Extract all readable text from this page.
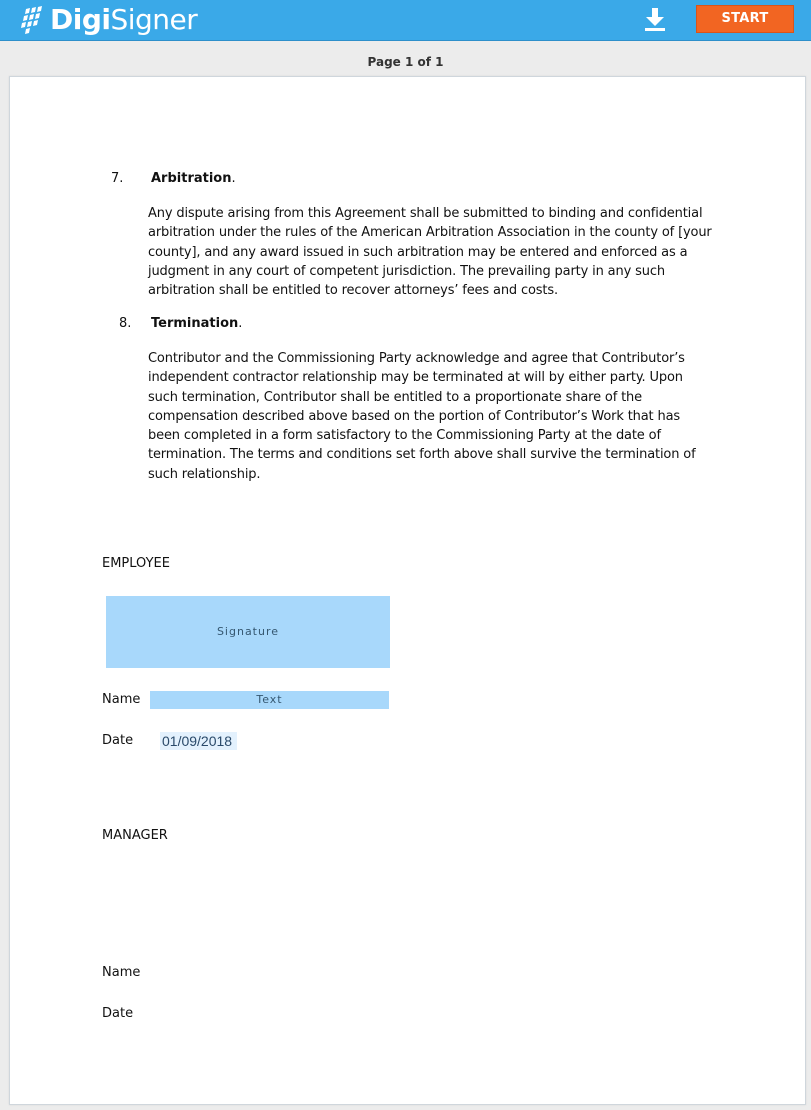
DigiSigner	START
Page 1 of 1
7. Arbitration.
Any dispute arising from this Agreement shall be submitted to binding and confidential
arbitration under the rules of the American Arbitration Association in the county of [your
county], and any award issued in such arbitration may be entered and enforced as a
judgment in any court of competent jurisdiction. The prevailing party in any such
arbitration shall be entitled to recover attorneys’ fees and costs.
8. Termination.
Contributor and the Commissioning Party acknowledge and agree that Contributor’s
independent contractor relationship may be terminated at will by either party. Upon
such termination, Contributor shall be entitled to a proportionate share of the
compensation described above based on the portion of Contributor’s Work that has
been completed in a form satisfactory to the Commissioning Party at the date of
termination. The terms and conditions set forth above shall survive the termination of
such relationship.
EMPLOYEE
Signature
Name	Text
Date 01/09/2018
MANAGER
Name
Date
